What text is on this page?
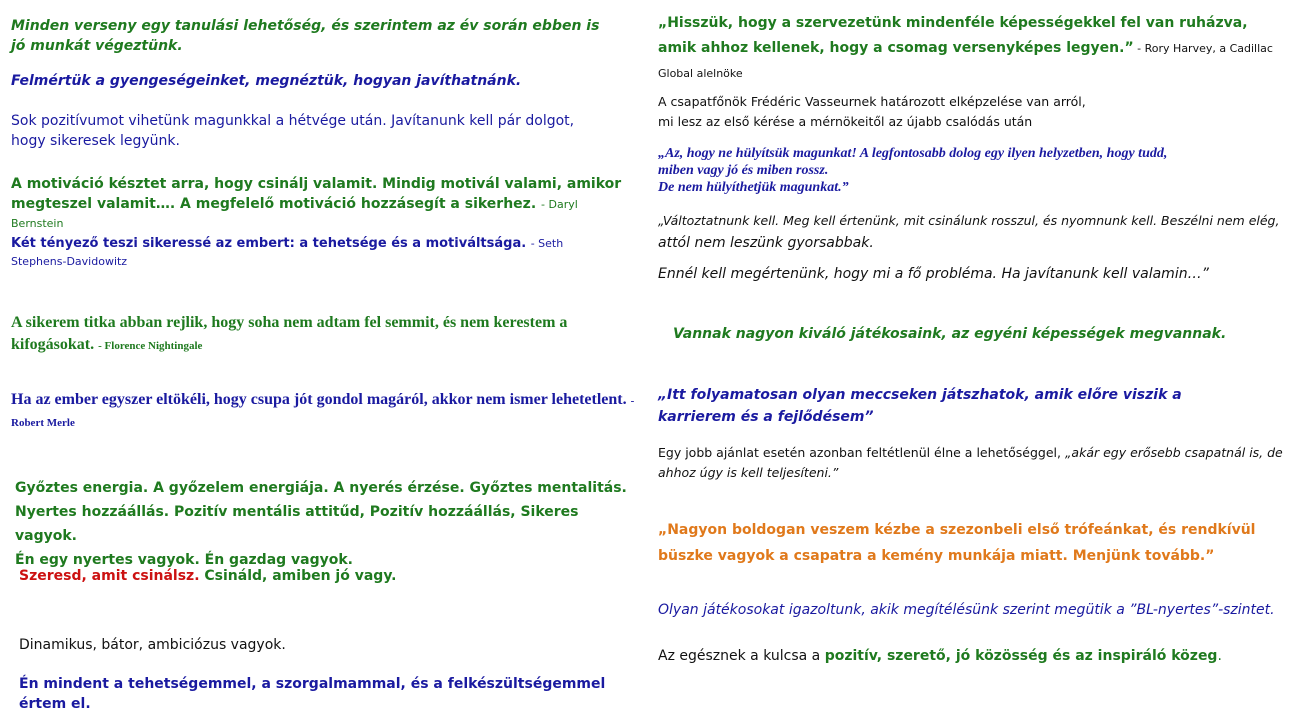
Minden verseny egy tanulási lehetőség, és szerintem az év során ebben is jó munkát végeztünk.

Felmértük a gyengeségeinket, megnéztük, hogyan javíthatnánk.

Sok pozitívumot vihetünk magunkkal a hétvége után. Javítanunk kell pár dolgot, hogy sikeresek legyünk.

A motiváció késztet arra, hogy csinálj valamit. Mindig motivál valami, amikor megteszel valamit…. A megfelelő motiváció hozzásegít a sikerhez. - Daryl Bernstein

Két tényező teszi sikeressé az embert: a tehetsége és a motiváltsága. - Seth Stephens-Davidowitz

A sikerem titka abban rejlik, hogy soha nem adtam fel semmit, és nem kerestem a kifogásokat. - Florence Nightingale

Ha az ember egyszer eltökéli, hogy csupa jót gondol magáról, akkor nem ismer lehetetlent. - Robert Merle

Győztes energia. A győzelem energiája. A nyerés érzése. Győztes mentalitás.
Nyertes hozzáállás. Pozitív mentális attitűd, Pozitív hozzáállás, Sikeres vagyok.
Én egy nyertes vagyok. Én gazdag vagyok.

Szeresd, amit csinálsz. Csináld, amiben jó vagy.

Dinamikus, bátor, ambiciózus vagyok.

Én mindent a tehetségemmel, a szorgalmammal, és a felkészültségemmel értem el.

„Hisszük, hogy a szervezetünk mindenféle képességekkel fel van ruházva, amik ahhoz kellenek, hogy a csomag versenyképes legyen.” - Rory Harvey, a Cadillac Global alelnöke

A csapatfőnök Frédéric Vasseurnek határozott elképzelése van arról,
mi lesz az első kérése a mérnökeitől az újabb csalódás után
„Az, hogy ne hülyítsük magunkat! A legfontosabb dolog egy ilyen helyzetben, hogy tudd,
miben vagy jó és miben rossz.
De nem hülyíthetjük magunkat.”

„Változtatnunk kell. Meg kell értenünk, mit csinálunk rosszul, és nyomnunk kell. Beszélni nem elég, attól nem leszünk gyorsabbak.

Ennél kell megértenünk, hogy mi a fő probléma. Ha javítanunk kell valamin…”

Vannak nagyon kiváló játékosaink, az egyéni képességek megvannak.

„Itt folyamatosan olyan meccseken játszhatok, amik előre viszik a karrierem és a fejlődésem”

Egy jobb ajánlat esetén azonban feltétlenül élne a lehetőséggel, „akár egy erősebb csapatnál is, de ahhoz úgy is kell teljesíteni.”

„Nagyon boldogan veszem kézbe a szezonbeli első trófeánkat, és rendkívül büszke vagyok a csapatra a kemény munkája miatt. Menjünk tovább.”

Olyan játékosokat igazoltunk, akik megítélésünk szerint megütik a ”BL-nyertes”-szintet.

Az egésznek a kulcsa a pozitív, szerető, jó közösség és az inspiráló közeg.
